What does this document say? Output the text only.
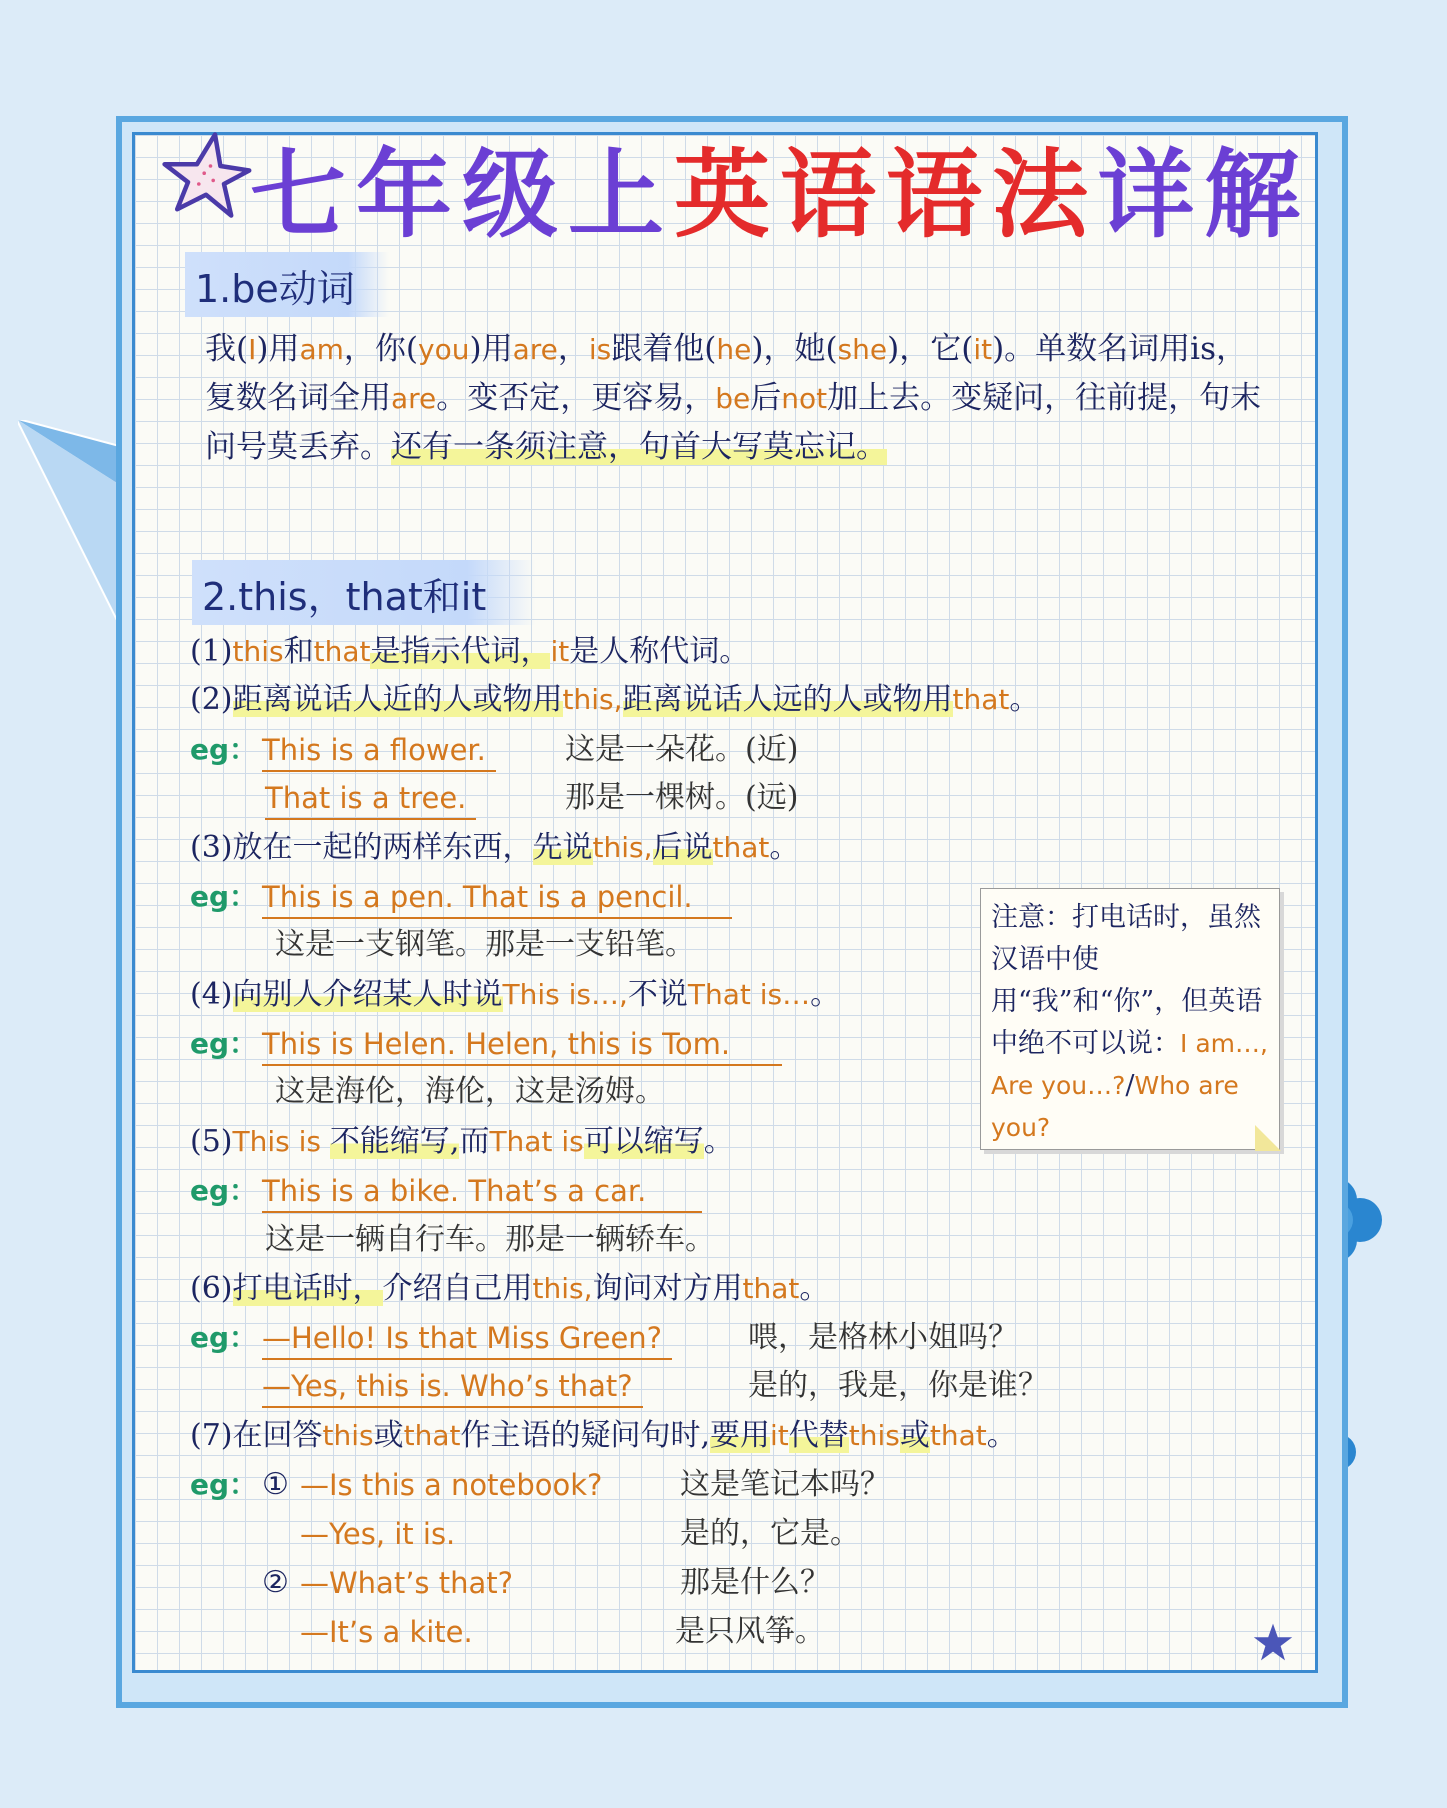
七年级上英语语法详解
1.be动词

我(I)用am，你(you)用are，is跟着他(he)，她(she)，它(it)。单数名词用is，复数名词全用are。变否定，更容易，be后not加上去。变疑问，往前提，句末问号莫丢弃。还有一条须注意，句首大写莫忘记。

2.this，that和it

(1)this和that是指示代词，it是人称代词。

(2)距离说话人近的人或物用this,距离说话人远的人或物用that。

eg： This is a flower.	这是一朵花。(近)

That is a tree.	那是一棵树。(远)

(3)放在一起的两样东西，先说this,后说that。

eg： This is a pen. That is a pencil.

这是一支钢笔。那是一支铅笔。

(4)向别人介绍某人时说This is…,不说That is…。

eg： This is Helen. Helen, this is Tom.

这是海伦，海伦，这是汤姆。

(5)This is 不能缩写,而That is可以缩写。

eg： This is a bike. That’s a car.

这是一辆自行车。那是一辆轿车。

(6)打电话时，介绍自己用this,询问对方用that。

eg： —Hello! Is that Miss Green?	喂，是格林小姐吗？

—Yes, this is. Who’s that?	是的，我是，你是谁？

(7)在回答this或that作主语的疑问句时,要用it代替this或that。

eg： ① —Is this a notebook?	这是笔记本吗？

—Yes, it is.	是的，它是。

② —What’s that?	那是什么？

—It’s a kite.	是只风筝。

注意：打电话时，虽然汉语中使用“我”和“你”，但英语中绝不可以说：I am…, Are you…?/Who are you?
